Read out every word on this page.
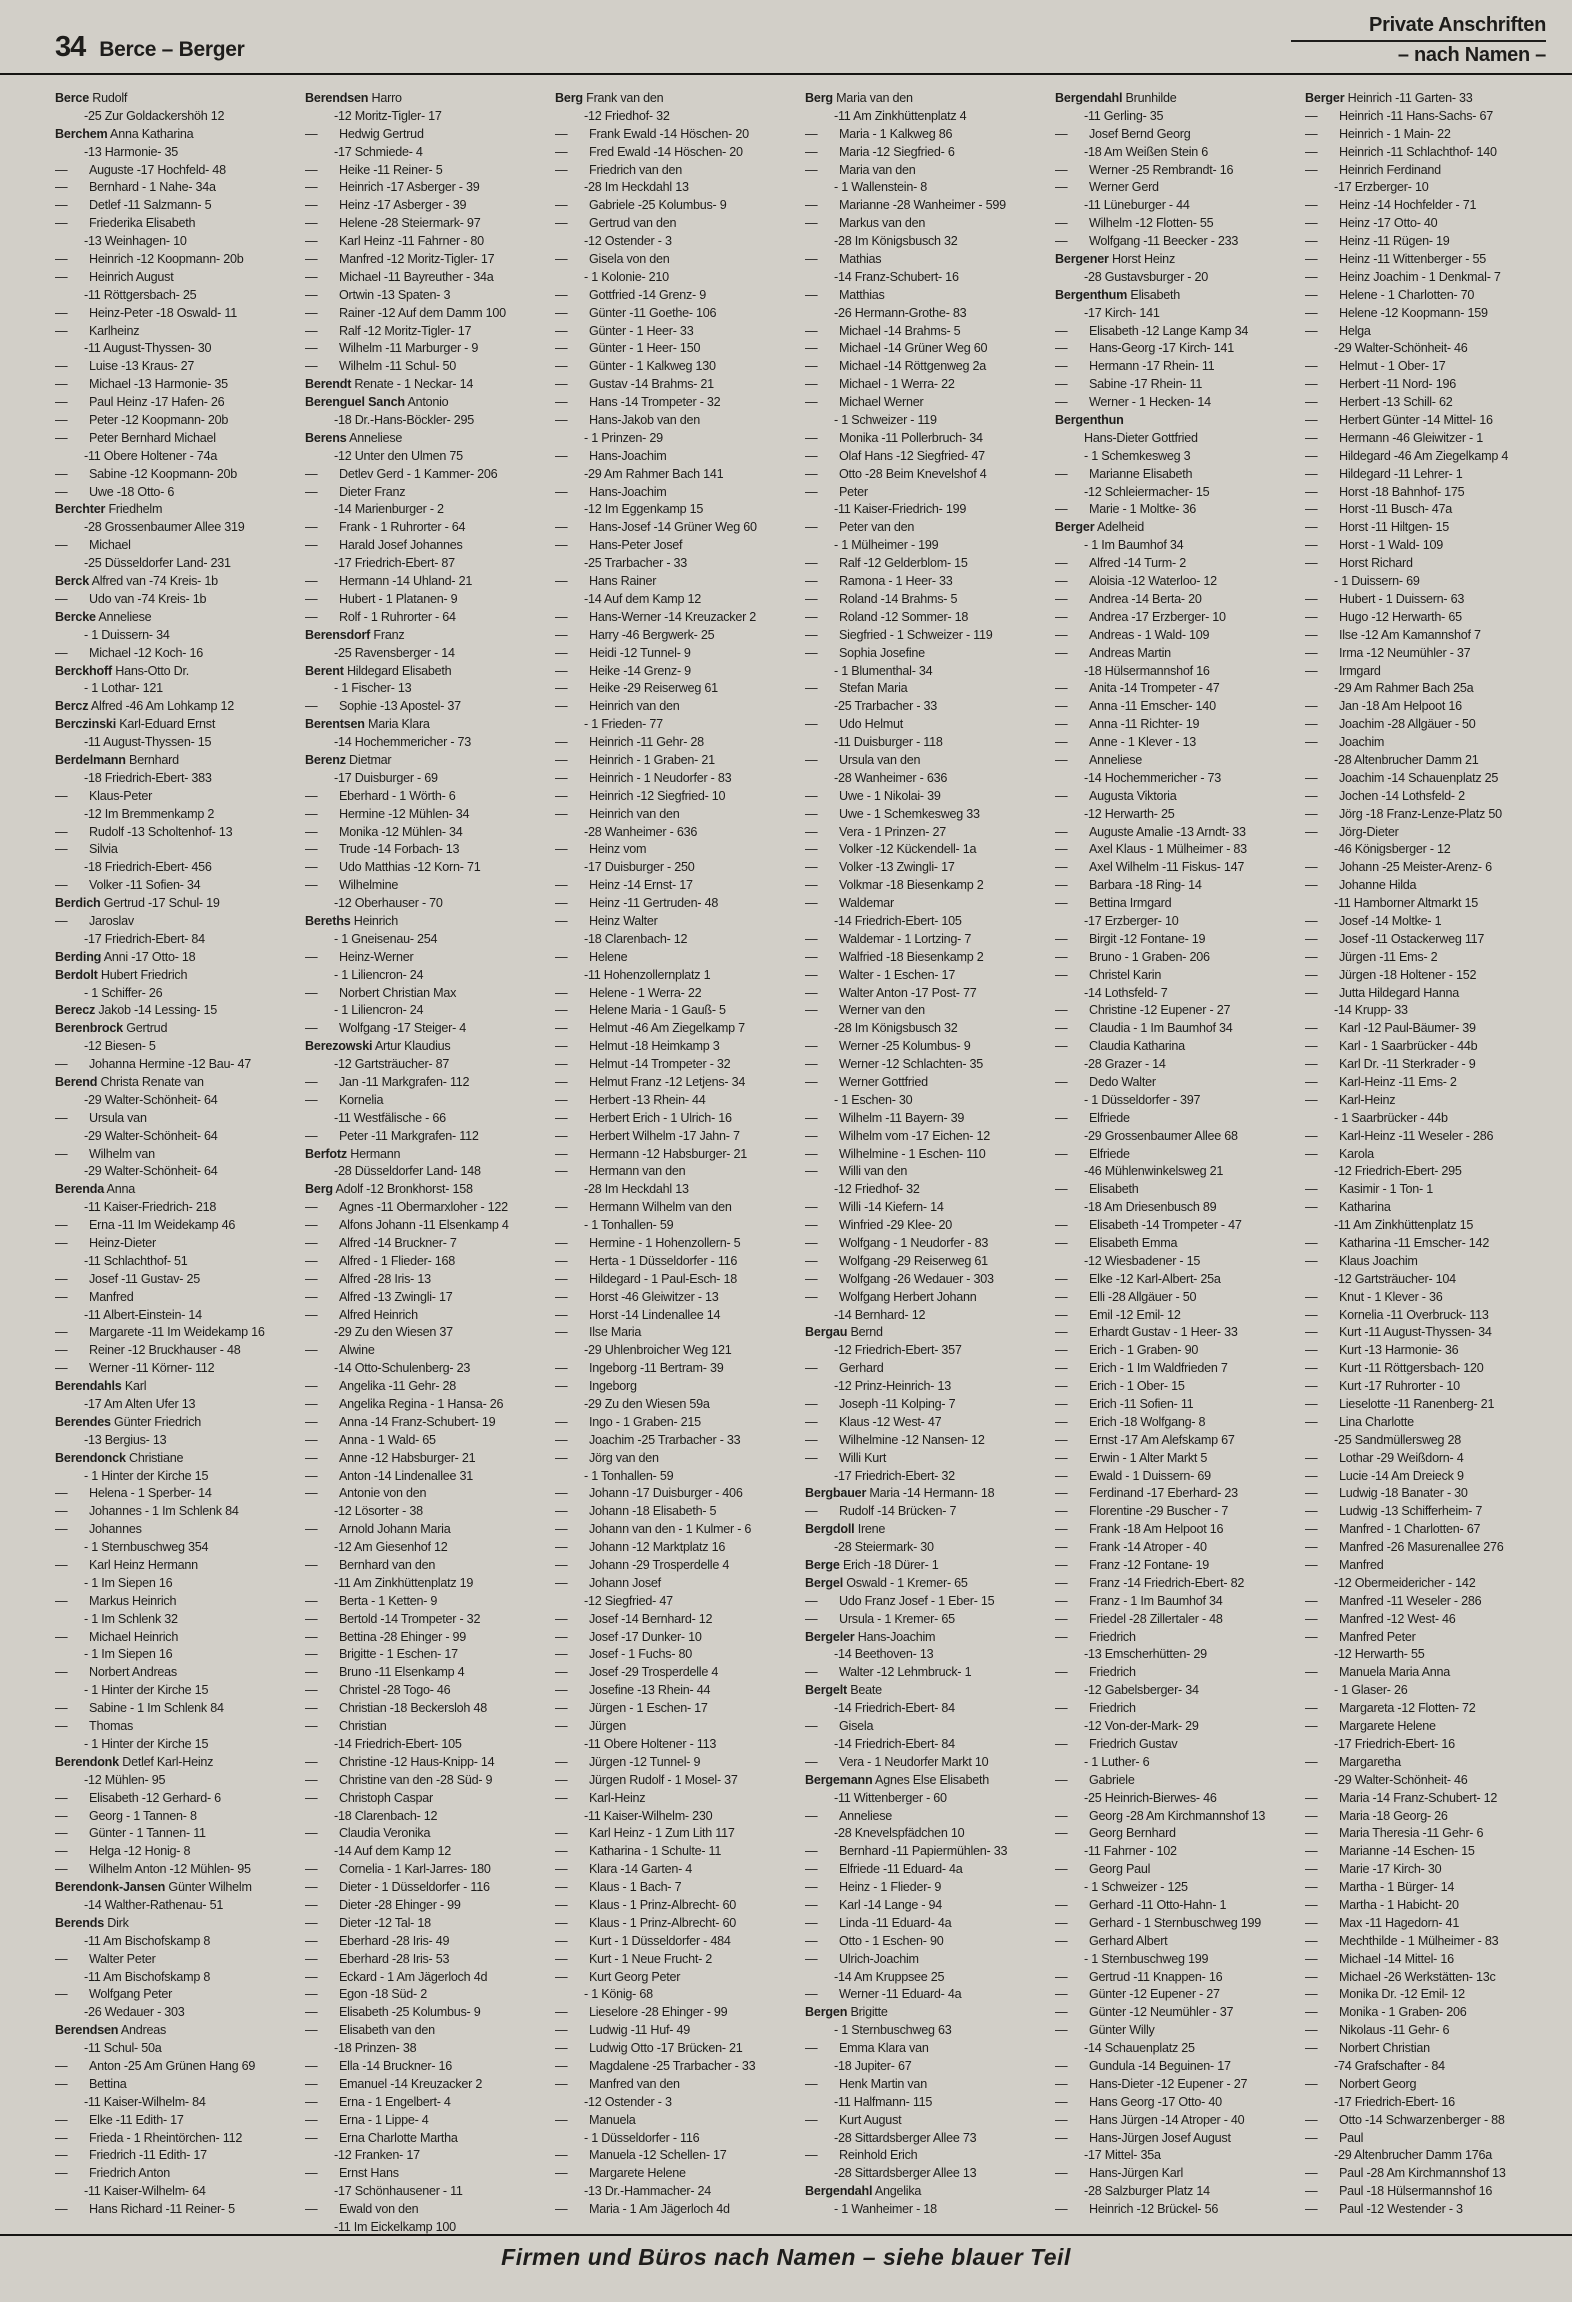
34 Berce – Berger
Private Anschriften
– nach Namen –
Berce Rudolf
-25 Zur Goldackershöh 12
Berchem Anna Katharina
-13 Harmonie- 35
—	Auguste -17 Hochfeld- 48
—	Bernhard - 1 Nahe- 34a
—	Detlef -11 Salzmann- 5
—	Friederika Elisabeth
-13 Weinhagen- 10
—	Heinrich -12 Koopmann- 20b
—	Heinrich August
-11 Röttgersbach- 25
—	Heinz-Peter -18 Oswald- 11
—	Karlheinz
-11 August-Thyssen- 30
—	Luise -13 Kraus- 27
—	Michael -13 Harmonie- 35
—	Paul Heinz -17 Hafen- 26
—	Peter -12 Koopmann- 20b
—	Peter Bernhard Michael
-11 Obere Holtener - 74a
—	Sabine -12 Koopmann- 20b
—	Uwe -18 Otto- 6
Berchter Friedhelm
-28 Grossenbaumer Allee 319
—	Michael
-25 Düsseldorfer Land- 231
Berck Alfred van -74 Kreis- 1b
—	Udo van -74 Kreis- 1b
Bercke Anneliese
- 1 Duissern- 34
—	Michael -12 Koch- 16
Berckhoff Hans-Otto Dr.
- 1 Lothar- 121
Bercz Alfred -46 Am Lohkamp 12
Berczinski Karl-Eduard Ernst
-11 August-Thyssen- 15
Berdelmann Bernhard
-18 Friedrich-Ebert- 383
—	Klaus-Peter
-12 Im Bremmenkamp 2
—	Rudolf -13 Scholtenhof- 13
—	Silvia
-18 Friedrich-Ebert- 456
—	Volker -11 Sofien- 34
Berdich Gertrud -17 Schul- 19
—	Jaroslav
-17 Friedrich-Ebert- 84
Berding Anni -17 Otto- 18
Berdolt Hubert Friedrich
- 1 Schiffer- 26
Berecz Jakob -14 Lessing- 15
Berenbrock Gertrud
-12 Biesen- 5
—	Johanna Hermine -12 Bau- 47
Berend Christa Renate van
-29 Walter-Schönheit- 64
—	Ursula van
-29 Walter-Schönheit- 64
—	Wilhelm van
-29 Walter-Schönheit- 64
Berenda Anna
-11 Kaiser-Friedrich- 218
—	Erna -11 Im Weidekamp 46
—	Heinz-Dieter
-11 Schlachthof- 51
—	Josef -11 Gustav- 25
—	Manfred
-11 Albert-Einstein- 14
—	Margarete -11 Im Weidekamp 16
—	Reiner -12 Bruckhauser - 48
—	Werner -11 Körner- 112
Berendahls Karl
-17 Am Alten Ufer 13
Berendes Günter Friedrich
-13 Bergius- 13
Berendonck Christiane
- 1 Hinter der Kirche 15
—	Helena - 1 Sperber- 14
—	Johannes - 1 Im Schlenk 84
—	Johannes
- 1 Sternbuschweg 354
—	Karl Heinz Hermann
- 1 Im Siepen 16
—	Markus Heinrich
- 1 Im Schlenk 32
—	Michael Heinrich
- 1 Im Siepen 16
—	Norbert Andreas
- 1 Hinter der Kirche 15
—	Sabine - 1 Im Schlenk 84
—	Thomas
- 1 Hinter der Kirche 15
Berendonk Detlef Karl-Heinz
-12 Mühlen- 95
—	Elisabeth -12 Gerhard- 6
—	Georg - 1 Tannen- 8
—	Günter - 1 Tannen- 11
—	Helga -12 Honig- 8
—	Wilhelm Anton -12 Mühlen- 95
Berendonk-Jansen Günter Wilhelm
-14 Walther-Rathenau- 51
Berends Dirk
-11 Am Bischofskamp 8
—	Walter Peter
-11 Am Bischofskamp 8
—	Wolfgang Peter
-26 Wedauer - 303
Berendsen Andreas
-11 Schul- 50a
—	Anton -25 Am Grünen Hang 69
—	Bettina
-11 Kaiser-Wilhelm- 84
—	Elke -11 Edith- 17
—	Frieda - 1 Rheintörchen- 112
—	Friedrich -11 Edith- 17
—	Friedrich Anton
-11 Kaiser-Wilhelm- 64
—	Hans Richard -11 Reiner- 5
Berendsen Harro
-12 Moritz-Tigler- 17
—	Hedwig Gertrud
-17 Schmiede- 4
—	Heike -11 Reiner- 5
—	Heinrich -17 Asberger - 39
—	Heinz -17 Asberger - 39
—	Helene -28 Steiermark- 97
—	Karl Heinz -11 Fahrner - 80
—	Manfred -12 Moritz-Tigler- 17
—	Michael -11 Bayreuther - 34a
—	Ortwin -13 Spaten- 3
—	Rainer -12 Auf dem Damm 100
—	Ralf -12 Moritz-Tigler- 17
—	Wilhelm -11 Marburger - 9
—	Wilhelm -11 Schul- 50
Berendt Renate - 1 Neckar- 14
Berenguel Sanch Antonio
-18 Dr.-Hans-Böckler- 295
Berens Anneliese
-12 Unter den Ulmen 75
—	Detlev Gerd - 1 Kammer- 206
—	Dieter Franz
-14 Marienburger - 2
—	Frank - 1 Ruhrorter - 64
—	Harald Josef Johannes
-17 Friedrich-Ebert- 87
—	Hermann -14 Uhland- 21
—	Hubert - 1 Platanen- 9
—	Rolf - 1 Ruhrorter - 64
Berensdorf Franz
-25 Ravensberger - 14
Berent Hildegard Elisabeth
- 1 Fischer- 13
—	Sophie -13 Apostel- 37
Berentsen Maria Klara
-14 Hochemmericher - 73
Berenz Dietmar
-17 Duisburger - 69
—	Eberhard - 1 Wörth- 6
—	Hermine -12 Mühlen- 34
—	Monika -12 Mühlen- 34
—	Trude -14 Forbach- 13
—	Udo Matthias -12 Korn- 71
—	Wilhelmine
-12 Oberhauser - 70
Bereths Heinrich
- 1 Gneisenau- 254
—	Heinz-Werner
- 1 Liliencron- 24
—	Norbert Christian Max
- 1 Liliencron- 24
—	Wolfgang -17 Steiger- 4
Berezowski Artur Klaudius
-12 Gartsträucher- 87
—	Jan -11 Markgrafen- 112
—	Kornelia
-11 Westfälische - 66
—	Peter -11 Markgrafen- 112
Berfotz Hermann
-28 Düsseldorfer Land- 148
Berg Adolf -12 Bronkhorst- 158
—	Agnes -11 Obermarxloher - 122
—	Alfons Johann -11 Elsenkamp 4
—	Alfred -14 Bruckner- 7
—	Alfred - 1 Flieder- 168
—	Alfred -28 Iris- 13
—	Alfred -13 Zwingli- 17
—	Alfred Heinrich
-29 Zu den Wiesen 37
—	Alwine
-14 Otto-Schulenberg- 23
—	Angelika -11 Gehr- 28
—	Angelika Regina - 1 Hansa- 26
—	Anna -14 Franz-Schubert- 19
—	Anna - 1 Wald- 65
—	Anne -12 Habsburger- 21
—	Anton -14 Lindenallee 31
—	Antonie von den
-12 Lösorter - 38
—	Arnold Johann Maria
-12 Am Giesenhof 12
—	Bernhard van den
-11 Am Zinkhüttenplatz 19
—	Berta - 1 Ketten- 9
—	Bertold -14 Trompeter - 32
—	Bettina -28 Ehinger - 99
—	Brigitte - 1 Eschen- 17
—	Bruno -11 Elsenkamp 4
—	Christel -28 Togo- 46
—	Christian -18 Beckersloh 48
—	Christian
-14 Friedrich-Ebert- 105
—	Christine -12 Haus-Knipp- 14
—	Christine van den -28 Süd- 9
—	Christoph Caspar
-18 Clarenbach- 12
—	Claudia Veronika
-14 Auf dem Kamp 12
—	Cornelia - 1 Karl-Jarres- 180
—	Dieter - 1 Düsseldorfer - 116
—	Dieter -28 Ehinger - 99
—	Dieter -12 Tal- 18
—	Eberhard -28 Iris- 49
—	Eberhard -28 Iris- 53
—	Eckard - 1 Am Jägerloch 4d
—	Egon -18 Süd- 2
—	Elisabeth -25 Kolumbus- 9
—	Elisabeth van den
-18 Prinzen- 38
—	Ella -14 Bruckner- 16
—	Emanuel -14 Kreuzacker 2
—	Erna - 1 Engelbert- 4
—	Erna - 1 Lippe- 4
—	Erna Charlotte Martha
-12 Franken- 17
—	Ernst Hans
-17 Schönhausener - 11
—	Ewald von den
-11 Im Eickelkamp 100
Berg Frank van den
-12 Friedhof- 32
—	Frank Ewald -14 Höschen- 20
—	Fred Ewald -14 Höschen- 20
—	Friedrich van den
-28 Im Heckdahl 13
—	Gabriele -25 Kolumbus- 9
—	Gertrud van den
-12 Ostender - 3
—	Gisela von den
- 1 Kolonie- 210
—	Gottfried -14 Grenz- 9
—	Günter -11 Goethe- 106
—	Günter - 1 Heer- 33
—	Günter - 1 Heer- 150
—	Günter - 1 Kalkweg 130
—	Gustav -14 Brahms- 21
—	Hans -14 Trompeter - 32
—	Hans-Jakob van den
- 1 Prinzen- 29
—	Hans-Joachim
-29 Am Rahmer Bach 141
—	Hans-Joachim
-12 Im Eggenkamp 15
—	Hans-Josef -14 Grüner Weg 60
—	Hans-Peter Josef
-25 Trarbacher - 33
—	Hans Rainer
-14 Auf dem Kamp 12
—	Hans-Werner -14 Kreuzacker 2
—	Harry -46 Bergwerk- 25
—	Heidi -12 Tunnel- 9
—	Heike -14 Grenz- 9
—	Heike -29 Reiserweg 61
—	Heinrich van den
- 1 Frieden- 77
—	Heinrich -11 Gehr- 28
—	Heinrich - 1 Graben- 21
—	Heinrich - 1 Neudorfer - 83
—	Heinrich -12 Siegfried- 10
—	Heinrich van den
-28 Wanheimer - 636
—	Heinz vom
-17 Duisburger - 250
—	Heinz -14 Ernst- 17
—	Heinz -11 Gertruden- 48
—	Heinz Walter
-18 Clarenbach- 12
—	Helene
-11 Hohenzollernplatz 1
—	Helene - 1 Werra- 22
—	Helene Maria - 1 Gauß- 5
—	Helmut -46 Am Ziegelkamp 7
—	Helmut -18 Heimkamp 3
—	Helmut -14 Trompeter - 32
—	Helmut Franz -12 Letjens- 34
—	Herbert -13 Rhein- 44
—	Herbert Erich - 1 Ulrich- 16
—	Herbert Wilhelm -17 Jahn- 7
—	Hermann -12 Habsburger- 21
—	Hermann van den
-28 Im Heckdahl 13
—	Hermann Wilhelm van den
- 1 Tonhallen- 59
—	Hermine - 1 Hohenzollern- 5
—	Herta - 1 Düsseldorfer - 116
—	Hildegard - 1 Paul-Esch- 18
—	Horst -46 Gleiwitzer - 13
—	Horst -14 Lindenallee 14
—	Ilse Maria
-29 Uhlenbroicher Weg 121
—	Ingeborg -11 Bertram- 39
—	Ingeborg
-29 Zu den Wiesen 59a
—	Ingo - 1 Graben- 215
—	Joachim -25 Trarbacher - 33
—	Jörg van den
- 1 Tonhallen- 59
—	Johann -17 Duisburger - 406
—	Johann -18 Elisabeth- 5
—	Johann van den - 1 Kulmer - 6
—	Johann -12 Marktplatz 16
—	Johann -29 Trosperdelle 4
—	Johann Josef
-12 Siegfried- 47
—	Josef -14 Bernhard- 12
—	Josef -17 Dunker- 10
—	Josef - 1 Fuchs- 80
—	Josef -29 Trosperdelle 4
—	Josefine -13 Rhein- 44
—	Jürgen - 1 Eschen- 17
—	Jürgen
-11 Obere Holtener - 113
—	Jürgen -12 Tunnel- 9
—	Jürgen Rudolf - 1 Mosel- 37
—	Karl-Heinz
-11 Kaiser-Wilhelm- 230
—	Karl Heinz - 1 Zum Lith 117
—	Katharina - 1 Schulte- 11
—	Klara -14 Garten- 4
—	Klaus - 1 Bach- 7
—	Klaus - 1 Prinz-Albrecht- 60
—	Klaus - 1 Prinz-Albrecht- 60
—	Kurt - 1 Düsseldorfer - 484
—	Kurt - 1 Neue Frucht- 2
—	Kurt Georg Peter
- 1 König- 68
—	Lieselore -28 Ehinger - 99
—	Ludwig -11 Huf- 49
—	Ludwig Otto -17 Brücken- 21
—	Magdalene -25 Trarbacher - 33
—	Manfred van den
-12 Ostender - 3
—	Manuela
- 1 Düsseldorfer - 116
—	Manuela -12 Schellen- 17
—	Margarete Helene
-13 Dr.-Hammacher- 24
—	Maria - 1 Am Jägerloch 4d
Berg Maria van den
-11 Am Zinkhüttenplatz 4
—	Maria - 1 Kalkweg 86
—	Maria -12 Siegfried- 6
—	Maria van den
- 1 Wallenstein- 8
—	Marianne -28 Wanheimer - 599
—	Markus van den
-28 Im Königsbusch 32
—	Mathias
-14 Franz-Schubert- 16
—	Matthias
-26 Hermann-Grothe- 83
—	Michael -14 Brahms- 5
—	Michael -14 Grüner Weg 60
—	Michael -14 Röttgenweg 2a
—	Michael - 1 Werra- 22
—	Michael Werner
- 1 Schweizer - 119
—	Monika -11 Pollerbruch- 34
—	Olaf Hans -12 Siegfried- 47
—	Otto -28 Beim Knevelshof 4
—	Peter
-11 Kaiser-Friedrich- 199
—	Peter van den
- 1 Mülheimer - 199
—	Ralf -12 Gelderblom- 15
—	Ramona - 1 Heer- 33
—	Roland -14 Brahms- 5
—	Roland -12 Sommer- 18
—	Siegfried - 1 Schweizer - 119
—	Sophia Josefine
- 1 Blumenthal- 34
—	Stefan Maria
-25 Trarbacher - 33
—	Udo Helmut
-11 Duisburger - 118
—	Ursula van den
-28 Wanheimer - 636
—	Uwe - 1 Nikolai- 39
—	Uwe - 1 Schemkesweg 33
—	Vera - 1 Prinzen- 27
—	Volker -12 Kückendell- 1a
—	Volker -13 Zwingli- 17
—	Volkmar -18 Biesenkamp 2
—	Waldemar
-14 Friedrich-Ebert- 105
—	Waldemar - 1 Lortzing- 7
—	Walfried -18 Biesenkamp 2
—	Walter - 1 Eschen- 17
—	Walter Anton -17 Post- 77
—	Werner van den
-28 Im Königsbusch 32
—	Werner -25 Kolumbus- 9
—	Werner -12 Schlachten- 35
—	Werner Gottfried
- 1 Eschen- 30
—	Wilhelm -11 Bayern- 39
—	Wilhelm vom -17 Eichen- 12
—	Wilhelmine - 1 Eschen- 110
—	Willi van den
-12 Friedhof- 32
—	Willi -14 Kiefern- 14
—	Winfried -29 Klee- 20
—	Wolfgang - 1 Neudorfer - 83
—	Wolfgang -29 Reiserweg 61
—	Wolfgang -26 Wedauer - 303
—	Wolfgang Herbert Johann
-14 Bernhard- 12
Bergau Bernd
-12 Friedrich-Ebert- 357
—	Gerhard
-12 Prinz-Heinrich- 13
—	Joseph -11 Kolping- 7
—	Klaus -12 West- 47
—	Wilhelmine -12 Nansen- 12
—	Willi Kurt
-17 Friedrich-Ebert- 32
Bergbauer Maria -14 Hermann- 18
—	Rudolf -14 Brücken- 7
Bergdoll Irene
-28 Steiermark- 30
Berge Erich -18 Dürer- 1
Bergel Oswald - 1 Kremer- 65
—	Udo Franz Josef - 1 Eber- 15
—	Ursula - 1 Kremer- 65
Bergeler Hans-Joachim
-14 Beethoven- 13
—	Walter -12 Lehmbruck- 1
Bergelt Beate
-14 Friedrich-Ebert- 84
—	Gisela
-14 Friedrich-Ebert- 84
—	Vera - 1 Neudorfer Markt 10
Bergemann Agnes Else Elisabeth
-11 Wittenberger - 60
—	Anneliese
-28 Knevelspfädchen 10
—	Bernhard -11 Papiermühlen- 33
—	Elfriede -11 Eduard- 4a
—	Heinz - 1 Flieder- 9
—	Karl -14 Lange - 94
—	Linda -11 Eduard- 4a
—	Otto - 1 Eschen- 90
—	Ulrich-Joachim
-14 Am Kruppsee 25
—	Werner -11 Eduard- 4a
Bergen Brigitte
- 1 Sternbuschweg 63
—	Emma Klara van
-18 Jupiter- 67
—	Henk Martin van
-11 Halfmann- 115
—	Kurt August
-28 Sittardsberger Allee 73
—	Reinhold Erich
-28 Sittardsberger Allee 13
Bergendahl Angelika
- 1 Wanheimer - 18
Bergendahl Brunhilde
-11 Gerling- 35
—	Josef Bernd Georg
-18 Am Weißen Stein 6
—	Werner -25 Rembrandt- 16
—	Werner Gerd
-11 Lüneburger - 44
—	Wilhelm -12 Flotten- 55
—	Wolfgang -11 Beecker - 233
Bergener Horst Heinz
-28 Gustavsburger - 20
Bergenthum Elisabeth
-17 Kirch- 141
—	Elisabeth -12 Lange Kamp 34
—	Hans-Georg -17 Kirch- 141
—	Hermann -17 Rhein- 11
—	Sabine -17 Rhein- 11
—	Werner - 1 Hecken- 14
Bergenthun
Hans-Dieter Gottfried
- 1 Schemkesweg 3
—	Marianne Elisabeth
-12 Schleiermacher- 15
—	Marie - 1 Moltke- 36
Berger Adelheid
- 1 Im Baumhof 34
—	Alfred -14 Turm- 2
—	Aloisia -12 Waterloo- 12
—	Andrea -14 Berta- 20
—	Andrea -17 Erzberger- 10
—	Andreas - 1 Wald- 109
—	Andreas Martin
-18 Hülsermannshof 16
—	Anita -14 Trompeter - 47
—	Anna -11 Emscher- 140
—	Anna -11 Richter- 19
—	Anne - 1 Klever - 13
—	Anneliese
-14 Hochemmericher - 73
—	Augusta Viktoria
-12 Herwarth- 25
—	Auguste Amalie -13 Arndt- 33
—	Axel Klaus - 1 Mülheimer - 83
—	Axel Wilhelm -11 Fiskus- 147
—	Barbara -18 Ring- 14
—	Bettina Irmgard
-17 Erzberger- 10
—	Birgit -12 Fontane- 19
—	Bruno - 1 Graben- 206
—	Christel Karin
-14 Lothsfeld- 7
—	Christine -12 Eupener - 27
—	Claudia - 1 Im Baumhof 34
—	Claudia Katharina
-28 Grazer - 14
—	Dedo Walter
- 1 Düsseldorfer - 397
—	Elfriede
-29 Grossenbaumer Allee 68
—	Elfriede
-46 Mühlenwinkelsweg 21
—	Elisabeth
-18 Am Driesenbusch 89
—	Elisabeth -14 Trompeter - 47
—	Elisabeth Emma
-12 Wiesbadener - 15
—	Elke -12 Karl-Albert- 25a
—	Elli -28 Allgäuer - 50
—	Emil -12 Emil- 12
—	Erhardt Gustav - 1 Heer- 33
—	Erich - 1 Graben- 90
—	Erich - 1 Im Waldfrieden 7
—	Erich - 1 Ober- 15
—	Erich -11 Sofien- 11
—	Erich -18 Wolfgang- 8
—	Ernst -17 Am Alefskamp 67
—	Erwin - 1 Alter Markt 5
—	Ewald - 1 Duissern- 69
—	Ferdinand -17 Eberhard- 23
—	Florentine -29 Buscher - 7
—	Frank -18 Am Helpoot 16
—	Frank -14 Atroper - 40
—	Franz -12 Fontane- 19
—	Franz -14 Friedrich-Ebert- 82
—	Franz - 1 Im Baumhof 34
—	Friedel -28 Zillertaler - 48
—	Friedrich
-13 Emscherhütten- 29
—	Friedrich
-12 Gabelsberger- 34
—	Friedrich
-12 Von-der-Mark- 29
—	Friedrich Gustav
- 1 Luther- 6
—	Gabriele
-25 Heinrich-Bierwes- 46
—	Georg -28 Am Kirchmannshof 13
—	Georg Bernhard
-11 Fahrner - 102
—	Georg Paul
- 1 Schweizer - 125
—	Gerhard -11 Otto-Hahn- 1
—	Gerhard - 1 Sternbuschweg 199
—	Gerhard Albert
- 1 Sternbuschweg 199
—	Gertrud -11 Knappen- 16
—	Günter -12 Eupener - 27
—	Günter -12 Neumühler - 37
—	Günter Willy
-14 Schauenplatz 25
—	Gundula -14 Beguinen- 17
—	Hans-Dieter -12 Eupener - 27
—	Hans Georg -17 Otto- 40
—	Hans Jürgen -14 Atroper - 40
—	Hans-Jürgen Josef August
-17 Mittel- 35a
—	Hans-Jürgen Karl
-28 Salzburger Platz 14
—	Heinrich -12 Brückel- 56
Berger Heinrich -11 Garten- 33
—	Heinrich -11 Hans-Sachs- 67
—	Heinrich - 1 Main- 22
—	Heinrich -11 Schlachthof- 140
—	Heinrich Ferdinand
-17 Erzberger- 10
—	Heinz -14 Hochfelder - 71
—	Heinz -17 Otto- 40
—	Heinz -11 Rügen- 19
—	Heinz -11 Wittenberger - 55
—	Heinz Joachim - 1 Denkmal- 7
—	Helene - 1 Charlotten- 70
—	Helene -12 Koopmann- 159
—	Helga
-29 Walter-Schönheit- 46
—	Helmut - 1 Ober- 17
—	Herbert -11 Nord- 196
—	Herbert -13 Schill- 62
—	Herbert Günter -14 Mittel- 16
—	Hermann -46 Gleiwitzer - 1
—	Hildegard -46 Am Ziegelkamp 4
—	Hildegard -11 Lehrer- 1
—	Horst -18 Bahnhof- 175
—	Horst -11 Busch- 47a
—	Horst -11 Hiltgen- 15
—	Horst - 1 Wald- 109
—	Horst Richard
- 1 Duissern- 69
—	Hubert - 1 Duissern- 63
—	Hugo -12 Herwarth- 65
—	Ilse -12 Am Kamannshof 7
—	Irma -12 Neumühler - 37
—	Irmgard
-29 Am Rahmer Bach 25a
—	Jan -18 Am Helpoot 16
—	Joachim -28 Allgäuer - 50
—	Joachim
-28 Altenbrucher Damm 21
—	Joachim -14 Schauenplatz 25
—	Jochen -14 Lothsfeld- 2
—	Jörg -18 Franz-Lenze-Platz 50
—	Jörg-Dieter
-46 Königsberger - 12
—	Johann -25 Meister-Arenz- 6
—	Johanne Hilda
-11 Hamborner Altmarkt 15
—	Josef -14 Moltke- 1
—	Josef -11 Ostackerweg 117
—	Jürgen -11 Ems- 2
—	Jürgen -18 Holtener - 152
—	Jutta Hildegard Hanna
-14 Krupp- 33
—	Karl -12 Paul-Bäumer- 39
—	Karl - 1 Saarbrücker - 44b
—	Karl Dr. -11 Sterkrader - 9
—	Karl-Heinz -11 Ems- 2
—	Karl-Heinz
- 1 Saarbrücker - 44b
—	Karl-Heinz -11 Weseler - 286
—	Karola
-12 Friedrich-Ebert- 295
—	Kasimir - 1 Ton- 1
—	Katharina
-11 Am Zinkhüttenplatz 15
—	Katharina -11 Emscher- 142
—	Klaus Joachim
-12 Gartsträucher- 104
—	Knut - 1 Klever - 36
—	Kornelia -11 Overbruck- 113
—	Kurt -11 August-Thyssen- 34
—	Kurt -13 Harmonie- 36
—	Kurt -11 Röttgersbach- 120
—	Kurt -17 Ruhrorter - 10
—	Lieselotte -11 Ranenberg- 21
—	Lina Charlotte
-25 Sandmüllersweg 28
—	Lothar -29 Weißdorn- 4
—	Lucie -14 Am Dreieck 9
—	Ludwig -18 Banater - 30
—	Ludwig -13 Schifferheim- 7
—	Manfred - 1 Charlotten- 67
—	Manfred -26 Masurenallee 276
—	Manfred
-12 Obermeidericher - 142
—	Manfred -11 Weseler - 286
—	Manfred -12 West- 46
—	Manfred Peter
-12 Herwarth- 55
—	Manuela Maria Anna
- 1 Glaser- 26
—	Margareta -12 Flotten- 72
—	Margarete Helene
-17 Friedrich-Ebert- 16
—	Margaretha
-29 Walter-Schönheit- 46
—	Maria -14 Franz-Schubert- 12
—	Maria -18 Georg- 26
—	Maria Theresia -11 Gehr- 6
—	Marianne -14 Eschen- 15
—	Marie -17 Kirch- 30
—	Martha - 1 Bürger- 14
—	Martha - 1 Habicht- 20
—	Max -11 Hagedorn- 41
—	Mechthilde - 1 Mülheimer - 83
—	Michael -14 Mittel- 16
—	Michael -26 Werkstätten- 13c
—	Monika Dr. -12 Emil- 12
—	Monika - 1 Graben- 206
—	Nikolaus -11 Gehr- 6
—	Norbert Christian
-74 Grafschafter - 84
—	Norbert Georg
-17 Friedrich-Ebert- 16
—	Otto -14 Schwarzenberger - 88
—	Paul
-29 Altenbrucher Damm 176a
—	Paul -28 Am Kirchmannshof 13
—	Paul -18 Hülsermannshof 16
—	Paul -12 Westender - 3
Firmen und Büros nach Namen – siehe blauer Teil
